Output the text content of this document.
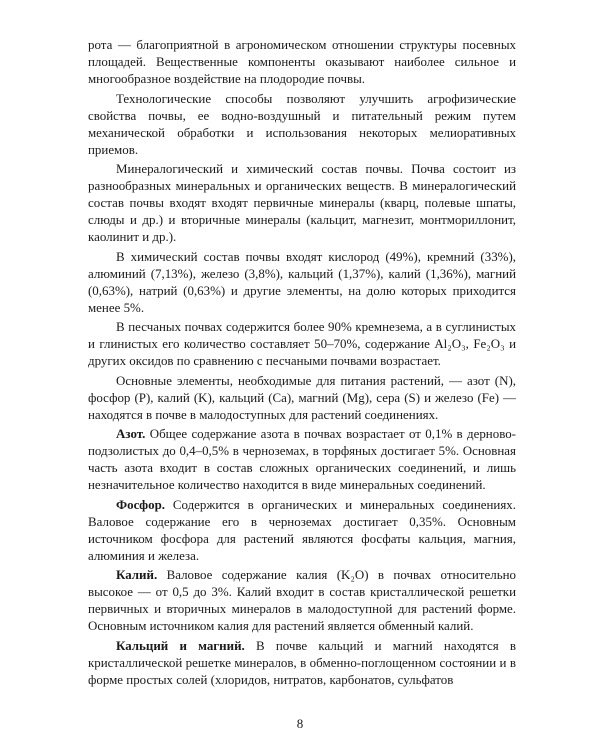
рота — благоприятной в агрономическом отношении структуры посевных площадей. Вещественные компоненты оказывают наиболее сильное и многообразное воздействие на плодородие почвы.

Технологические способы позволяют улучшить агрофизические свойства почвы, ее водно-воздушный и питательный режим путем механической обработки и использования некоторых мелиоративных приемов.

Минералогический и химический состав почвы. Почва состоит из разнообразных минеральных и органических веществ. В минералогический состав почвы входят входят первичные минералы (кварц, полевые шпаты, слюды и др.) и вторичные минералы (кальцит, магнезит, монтмориллонит, каолинит и др.).

В химический состав почвы входят кислород (49%), кремний (33%), алюминий (7,13%), железо (3,8%), кальций (1,37%), калий (1,36%), магний (0,63%), натрий (0,63%) и другие элементы, на долю которых приходится менее 5%.

В песчаных почвах содержится более 90% кремнезема, а в суглинистых и глинистых его количество составляет 50–70%, содержание Al₂O₃, Fe₂O₃ и других оксидов по сравнению с песчаными почвами возрастает.

Основные элементы, необходимые для питания растений, — азот (N), фосфор (P), калий (K), кальций (Ca), магний (Mg), сера (S) и железо (Fe) — находятся в почве в малодоступных для растений соединениях.

Азот. Общее содержание азота в почвах возрастает от 0,1% в дерново-подзолистых до 0,4–0,5% в черноземах, в торфяных достигает 5%. Основная часть азота входит в состав сложных органических соединений, и лишь незначительное количество находится в виде минеральных соединений.

Фосфор. Содержится в органических и минеральных соединениях. Валовое содержание его в черноземах достигает 0,35%. Основным источником фосфора для растений являются фосфаты кальция, магния, алюминия и железа.

Калий. Валовое содержание калия (K₂O) в почвах относительно высокое — от 0,5 до 3%. Калий входит в состав кристаллической решетки первичных и вторичных минералов в малодоступной для растений форме. Основным источником калия для растений является обменный калий.

Кальций и магний. В почве кальций и магний находятся в кристаллической решетке минералов, в обменно-поглощенном состоянии и в форме простых солей (хлоридов, нитратов, карбонатов, сульфатов

8
